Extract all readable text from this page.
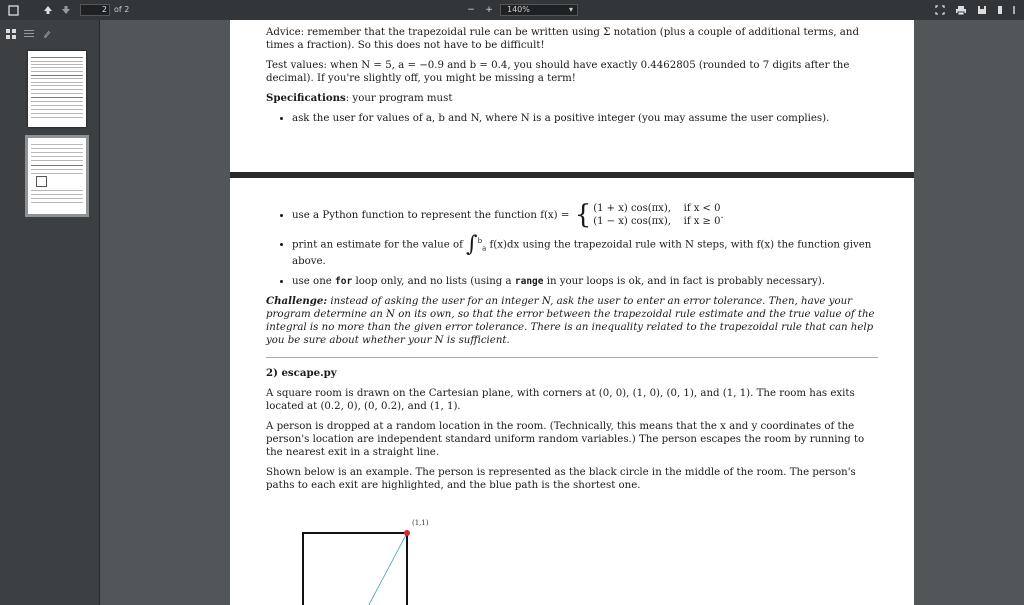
2 of 2	− +	140%	▾

Advice: remember that the trapezoidal rule can be written using Σ notation (plus a couple of additional terms, and times a fraction). So this does not have to be difficult!

Test values: when N = 5, a = −0.9 and b = 0.4, you should have exactly 0.4462805 (rounded to 7 digits after the decimal). If you're slightly off, you might be missing a term!

Specifications: your program must

• ask the user for values of a, b and N, where N is a positive integer (you may assume the user complies).
• use a Python function to represent the function f(x) = { (1 + x) cos(πx), if x < 0
(1 − x) cos(πx), if x ≥ 0
.
• print an estimate for the value of ∫$^b_a$ f(x)dx using the trapezoidal rule with N steps, with f(x) the function given above.
• use one for loop only, and no lists (using a range in your loops is ok, and in fact is probably necessary).

Challenge: instead of asking the user for an integer N, ask the user to enter an error tolerance. Then, have your program determine an N on its own, so that the error between the trapezoidal rule estimate and the true value of the integral is no more than the given error tolerance. There is an inequality related to the trapezoidal rule that can help you be sure about whether your N is sufficient.

2) escape.py

A square room is drawn on the Cartesian plane, with corners at (0, 0), (1, 0), (0, 1), and (1, 1). The room has exits located at (0.2, 0), (0, 0.2), and (1, 1).

A person is dropped at a random location in the room. (Technically, this means that the x and y coordinates of the person's location are independent standard uniform random variables.) The person escapes the room by running to the nearest exit in a straight line.

Shown below is an example. The person is represented as the black circle in the middle of the room. The person's paths to each exit are highlighted, and the blue path is the shortest one.

(1,1)
